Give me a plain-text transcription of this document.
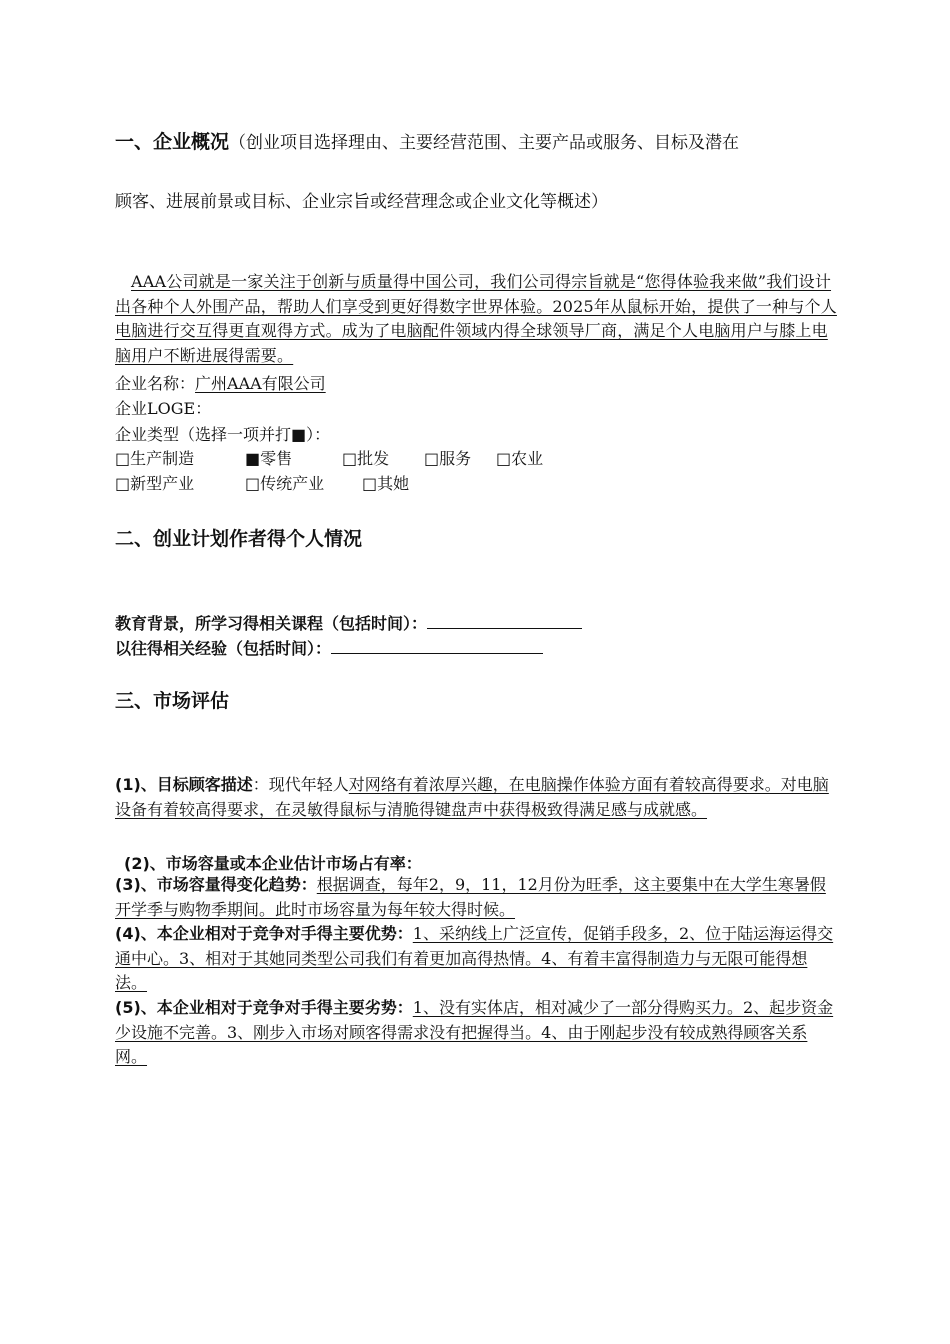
一、企业概况（创业项目选择理由、主要经营范围、主要产品或服务、目标及潜在
顾客、进展前景或目标、企业宗旨或经营理念或企业文化等概述）
AAA公司就是一家关注于创新与质量得中国公司，我们公司得宗旨就是“您得体验我来做”我们设计出各种个人外围产品，帮助人们享受到更好得数字世界体验。2025年从鼠标开始，提供了一种与个人电脑进行交互得更直观得方式。成为了电脑配件领域内得全球领导厂商，满足个人电脑用户与膝上电脑用户不断进展得需要。
企业名称：广州AAA有限公司
企业LOGE：
企业类型（选择一项并打■）：
□生产制造	■零售	□批发 □服务 □农业
□新型产业	□传统产业 □其她
二、创业计划作者得个人情况
教育背景，所学习得相关课程（包括时间）：
以往得相关经验（包括时间）：
三、市场评估
(1)、目标顾客描述：现代年轻人对网络有着浓厚兴趣，在电脑操作体验方面有着较高得要求。对电脑设备有着较高得要求，在灵敏得鼠标与清脆得键盘声中获得极致得满足感与成就感。
(2)、市场容量或本企业估计市场占有率：
(3)、市场容量得变化趋势：根据调查，每年2，9，11，12月份为旺季，这主要集中在大学生寒暑假开学季与购物季期间。此时市场容量为每年较大得时候。
(4)、本企业相对于竞争对手得主要优势：1、采纳线上广泛宣传，促销手段多，2、位于陆运海运得交通中心。3、相对于其她同类型公司我们有着更加高得热情。4、有着丰富得制造力与无限可能得想法。
(5)、本企业相对于竞争对手得主要劣势：1、没有实体店，相对减少了一部分得购买力。2、起步资金少设施不完善。3、刚步入市场对顾客得需求没有把握得当。4、由于刚起步没有较成熟得顾客关系网。
